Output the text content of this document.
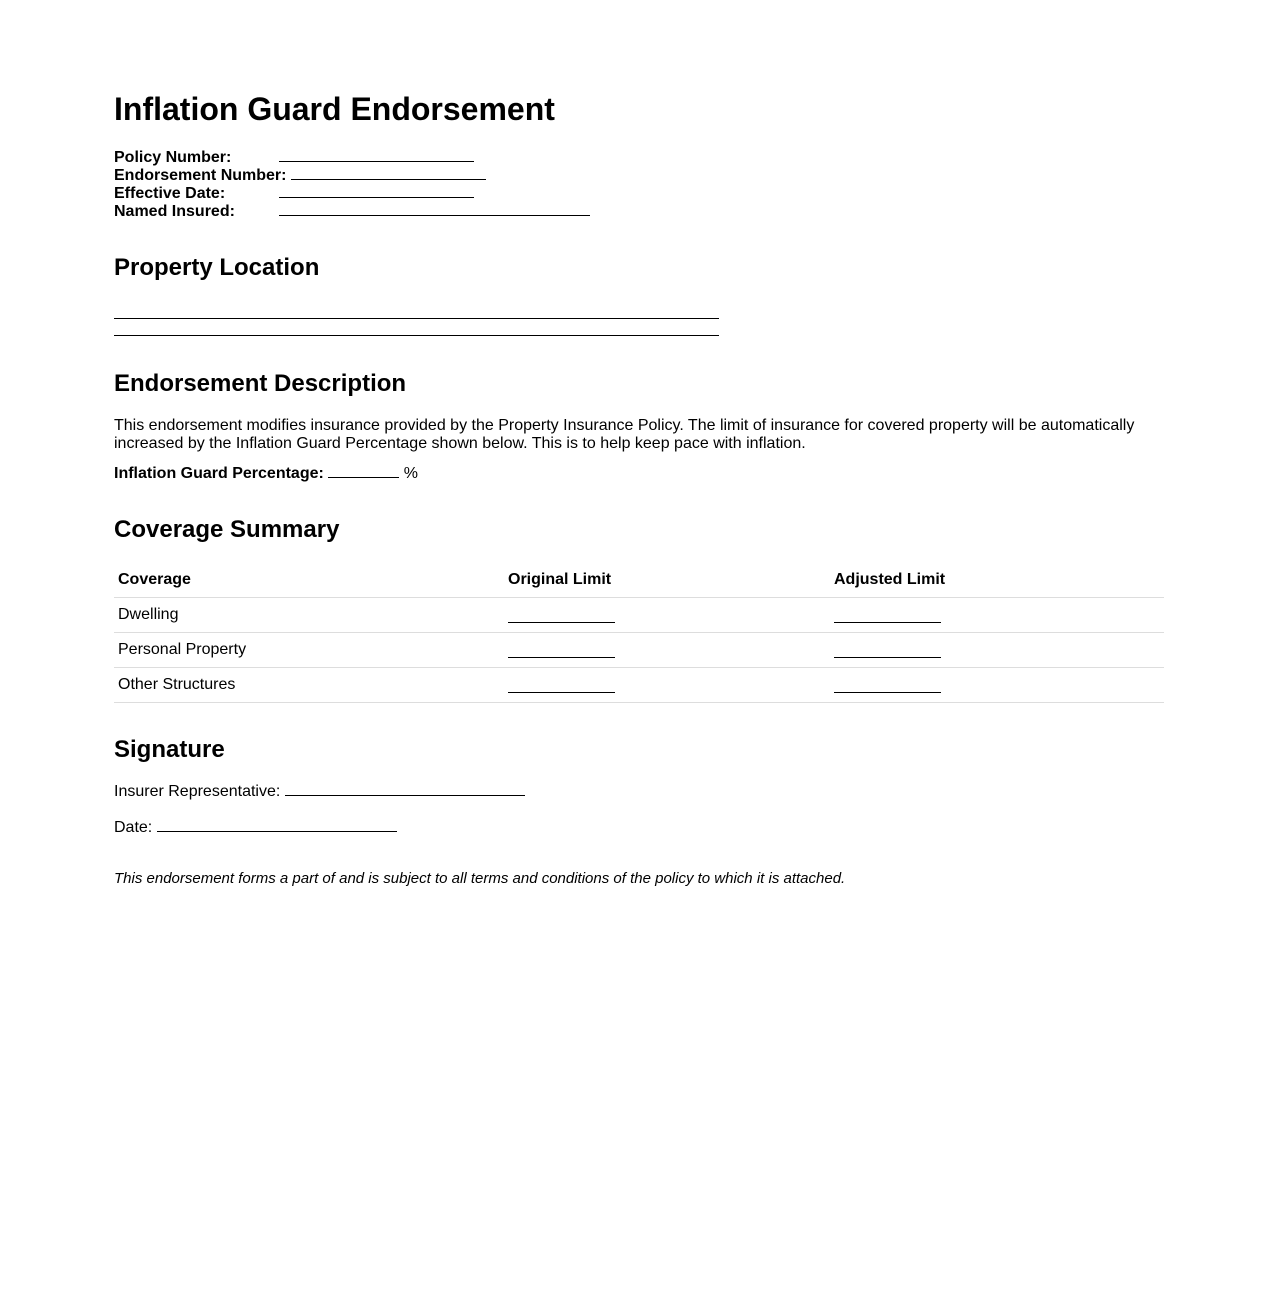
Inflation Guard Endorsement
Policy Number:
Endorsement Number:
Effective Date:
Named Insured:
Property Location
Endorsement Description
This endorsement modifies insurance provided by the Property Insurance Policy. The limit of insurance for covered property will be automatically increased by the Inflation Guard Percentage shown below. This is to help keep pace with inflation.
Inflation Guard Percentage:	%
Coverage Summary
Coverage	Original Limit	Adjusted Limit
Dwelling		
Personal Property		
Other Structures		
Signature
Insurer Representative:
Date:
This endorsement forms a part of and is subject to all terms and conditions of the policy to which it is attached.
